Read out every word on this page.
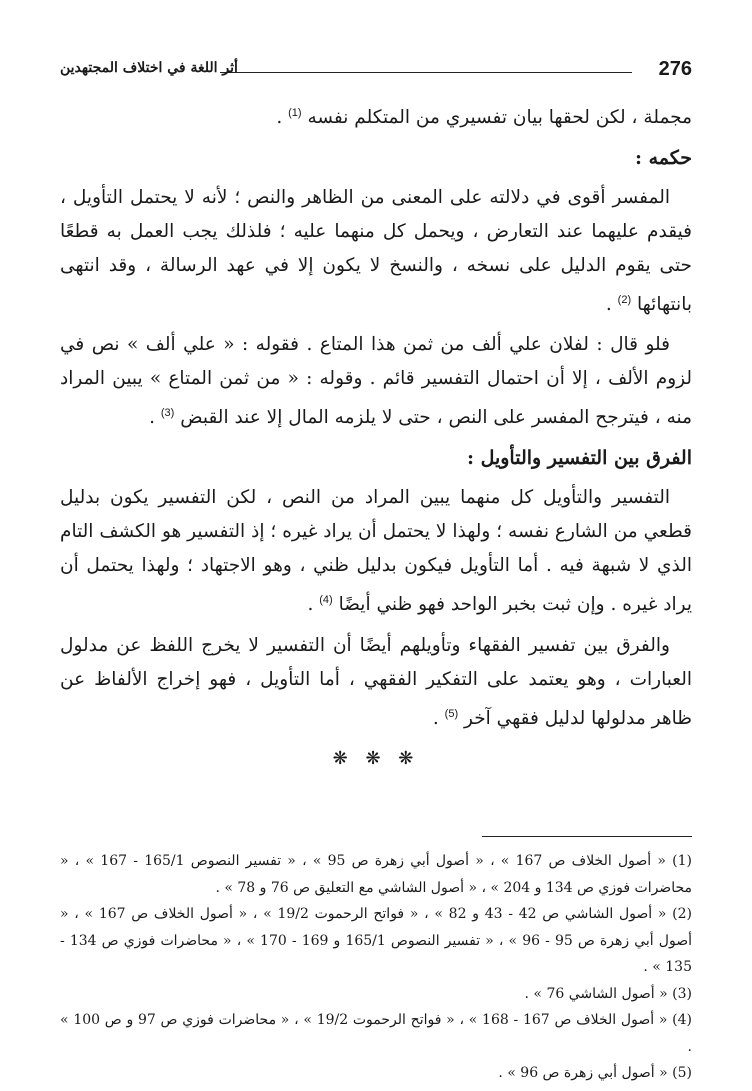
276
أثر اللغة في اختلاف المجتهدين

مجملة ، لكن لحقها بيان تفسيري من المتكلم نفسه $^{(1)}$ .

حكمه :

المفسر أقوى في دلالته على المعنى من الظاهر والنص ؛ لأنه لا يحتمل التأويل ، فيقدم عليهما عند التعارض ، ويحمل كل منهما عليه ؛ فلذلك يجب العمل به قطعًا حتى يقوم الدليل على نسخه ، والنسخ لا يكون إلا في عهد الرسالة ، وقد انتهى بانتهائها $^{(2)}$ .

فلو قال : لفلان علي ألف من ثمن هذا المتاع . فقوله : « علي ألف » نص في لزوم الألف ، إلا أن احتمال التفسير قائم . وقوله : « من ثمن المتاع » يبين المراد منه ، فيترجح المفسر على النص ، حتى لا يلزمه المال إلا عند القبض $^{(3)}$ .

الفرق بين التفسير والتأويل :

التفسير والتأويل كل منهما يبين المراد من النص ، لكن التفسير يكون بدليل قطعي من الشارع نفسه ؛ ولهذا لا يحتمل أن يراد غيره ؛ إذ التفسير هو الكشف التام الذي لا شبهة فيه . أما التأويل فيكون بدليل ظني ، وهو الاجتهاد ؛ ولهذا يحتمل أن يراد غيره . وإن ثبت بخبر الواحد فهو ظني أيضًا $^{(4)}$ .

والفرق بين تفسير الفقهاء وتأويلهم أيضًا أن التفسير لا يخرج اللفظ عن مدلول العبارات ، وهو يعتمد على التفكير الفقهي ، أما التأويل ، فهو إخراج الألفاظ عن ظاهر مدلولها لدليل فقهي آخر $^{(5)}$ .

❋ ❋ ❋

(1) « أصول الخلاف ص 167 » ، « أصول أبي زهرة ص 95 » ، « تفسير النصوص 165/1 - 167 » ، « محاضرات فوزي ص 134 و 204 » ، « أصول الشاشي مع التعليق ص 76 و 78 » .

(2) « أصول الشاشي ص 42 - 43 و 82 » ، « فواتح الرحموت 19/2 » ، « أصول الخلاف ص 167 » ، « أصول أبي زهرة ص 95 - 96 » ، « تفسير النصوص 165/1 و 169 - 170 » ، « محاضرات فوزي ص 134 - 135 » .

(3) « أصول الشاشي 76 » .

(4) « أصول الخلاف ص 167 - 168 » ، « فواتح الرحموت 19/2 » ، « محاضرات فوزي ص 97 و ص 100 » .

(5) « أصول أبي زهرة ص 96 » .
